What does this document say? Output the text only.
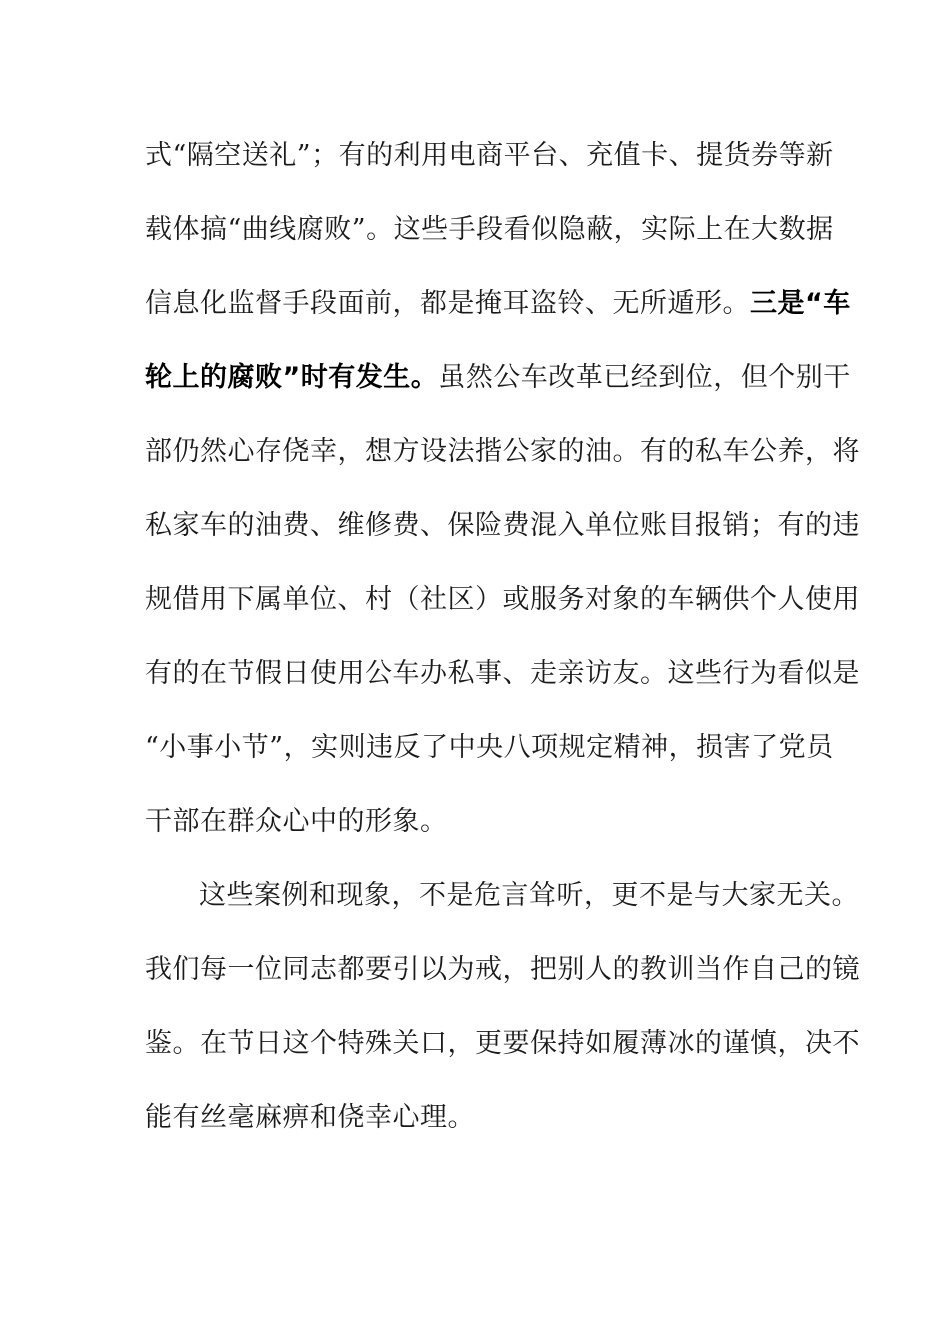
式“隔空送礼”；有的利用电商平台、充值卡、提货券等新
载体搞“曲线腐败”。这些手段看似隐蔽，实际上在大数据
信息化监督手段面前，都是掩耳盗铃、无所遁形。三是“车
轮上的腐败”时有发生。虽然公车改革已经到位，但个别干
部仍然心存侥幸，想方设法揩公家的油。有的私车公养，将
私家车的油费、维修费、保险费混入单位账目报销；有的违
规借用下属单位、村（社区）或服务对象的车辆供个人使用
有的在节假日使用公车办私事、走亲访友。这些行为看似是
“小事小节”，实则违反了中央八项规定精神，损害了党员
干部在群众心中的形象。
这些案例和现象，不是危言耸听，更不是与大家无关。
我们每一位同志都要引以为戒，把别人的教训当作自己的镜
鉴。在节日这个特殊关口，更要保持如履薄冰的谨慎，决不
能有丝毫麻痹和侥幸心理。
